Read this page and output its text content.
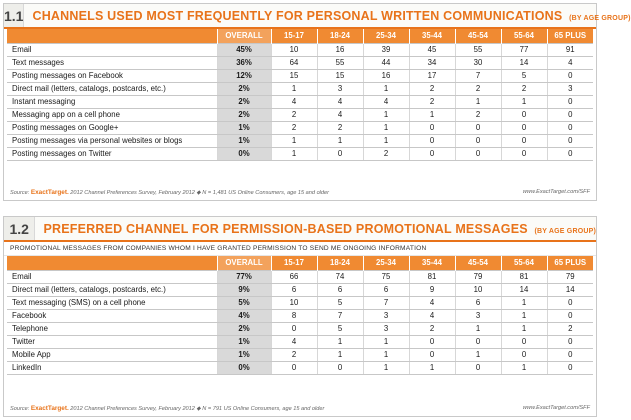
1.1 CHANNELS USED MOST FREQUENTLY FOR PERSONAL WRITTEN COMMUNICATIONS (BY AGE GROUP)
	OVERALL	15-17	18-24	25-34	35-44	45-54	55-64	65 PLUS
Email	45%	10	16	39	45	55	77	91
Text messages	36%	64	55	44	34	30	14	4
Posting messages on Facebook	12%	15	15	16	17	7	5	0
Direct mail (letters, catalogs, postcards, etc.)	2%	1	3	1	2	2	2	3
Instant messaging	2%	4	4	4	2	1	1	0
Messaging app on a cell phone	2%	2	4	1	1	2	0	0
Posting messages on Google+	1%	2	2	1	0	0	0	0
Posting messages via personal websites or blogs	1%	1	1	1	0	0	0	0
Posting messages on Twitter	0%	1	0	2	0	0	0	0
Source: ExactTarget. 2012 Channel Preferences Survey, February 2012 ◆ N = 1,481 US Online Consumers, age 15 and older	www.ExactTarget.com/SFF
1.2	PREFERRED CHANNEL FOR PERMISSION-BASED PROMOTIONAL MESSAGES (BY AGE GROUP)
PROMOTIONAL MESSAGES FROM COMPANIES WHOM I HAVE GRANTED PERMISSION TO SEND ME ONGOING INFORMATION
	OVERALL	15-17	18-24	25-34	35-44	45-54	55-64	65 PLUS
Email	77%	66	74	75	81	79	81	79
Direct mail (letters, catalogs, postcards, etc.)	9%	6	6	6	9	10	14	14
Text messaging (SMS) on a cell phone	5%	10	5	7	4	6	1	0
Facebook	4%	8	7	3	4	3	1	0
Telephone	2%	0	5	3	2	1	1	2
Twitter	1%	4	1	1	0	0	0	0
Mobile App	1%	2	1	1	0	1	0	0
LinkedIn	0%	0	0	1	1	0	1	0
Source: ExactTarget. 2012 Channel Preferences Survey, February 2012 ◆ N = 791 US Online Consumers, age 15 and older	www.ExactTarget.com/SFF
